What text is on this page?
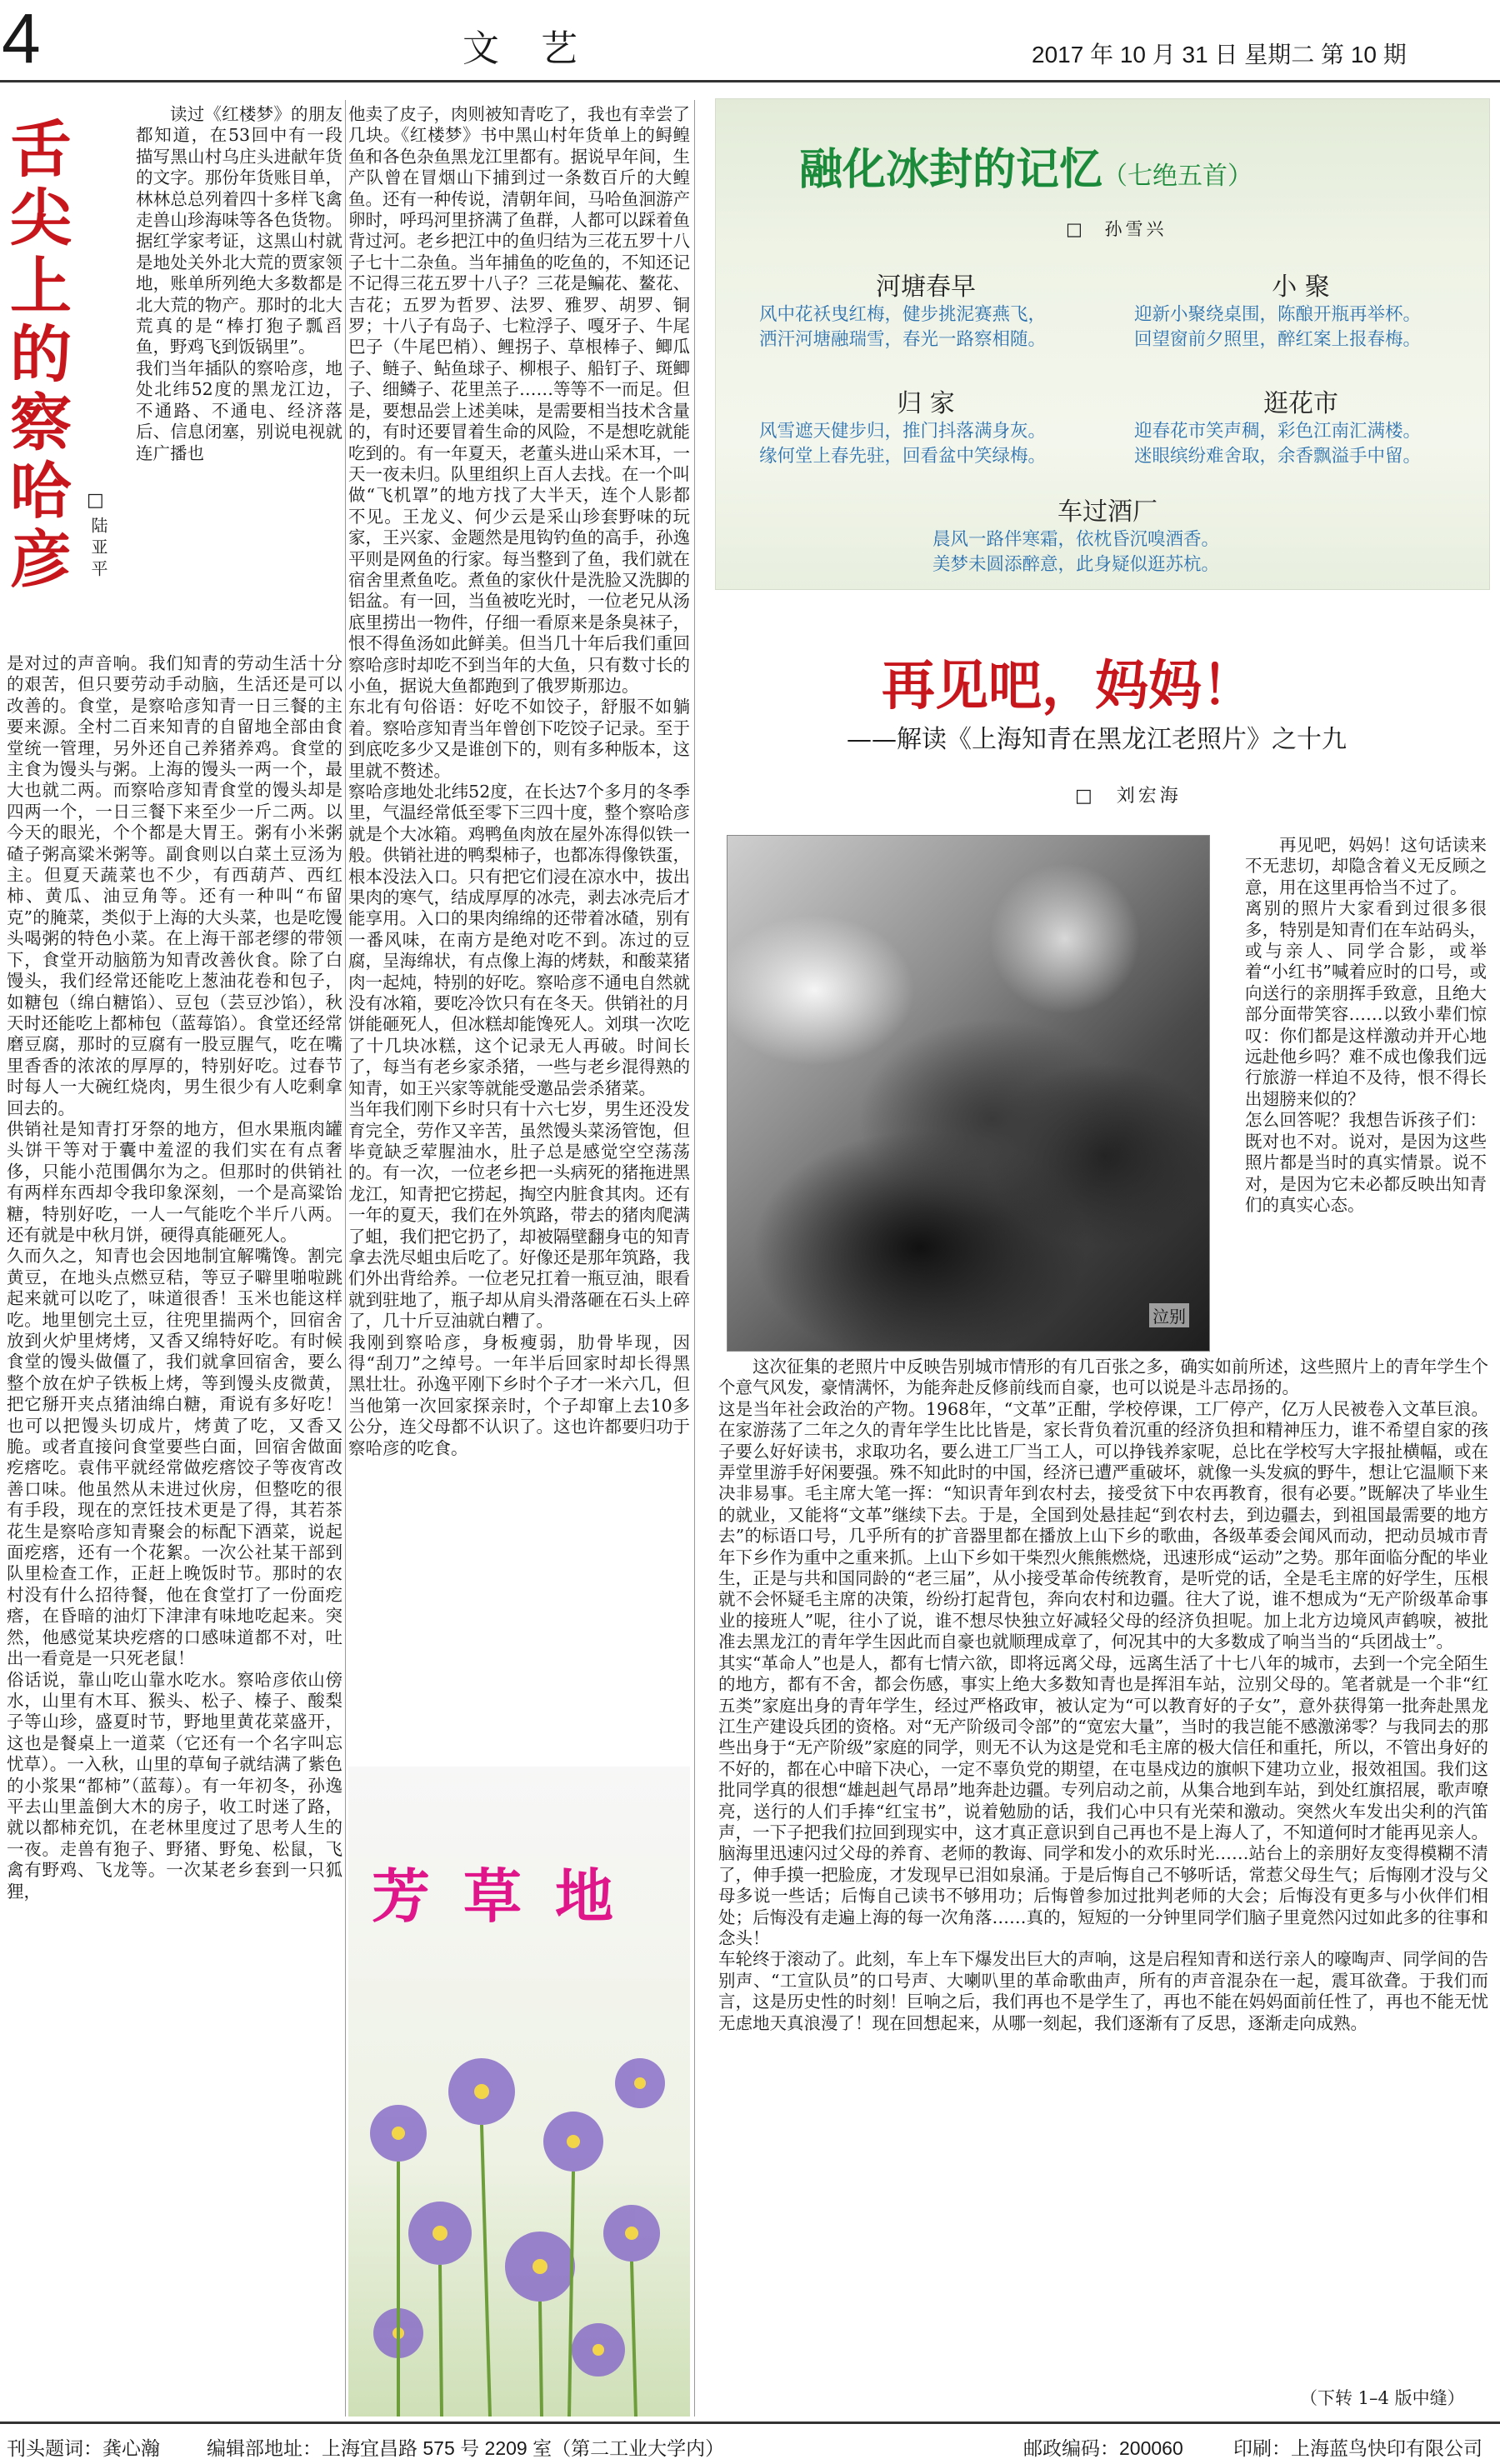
4	文 艺	2017 年 10 月 31 日 星期二 第 10 期
舌尖上的察哈彦 □
陆亚平

读过《红楼梦》的朋友都知道，在53回中有一段描写黑山村乌庄头进献年货的文字。那份年货账目单，林林总总列着四十多样飞禽走兽山珍海味等各色货物。据红学家考证，这黑山村就是地处关外北大荒的贾家领地，账单所列绝大多数都是北大荒的物产。那时的北大荒真的是“棒打狍子瓢舀鱼，野鸡飞到饭锅里”。
我们当年插队的察哈彦，地处北纬52度的黑龙江边，不通路、不通电、经济落后、信息闭塞，别说电视就连广播也

是对过的声音响。我们知青的劳动生活十分的艰苦，但只要劳动手动脑，生活还是可以改善的。食堂，是察哈彦知青一日三餐的主要来源。全村二百来知青的自留地全部由食堂统一管理，另外还自己养猪养鸡。食堂的主食为馒头与粥。上海的馒头一两一个，最大也就二两。而察哈彦知青食堂的馒头却是四两一个，一日三餐下来至少一斤二两。以今天的眼光，个个都是大胃王。粥有小米粥碴子粥高粱米粥等。副食则以白菜土豆汤为主。但夏天蔬菜也不少，有西葫芦、西红柿、黄瓜、油豆角等。还有一种叫“布留克”的腌菜，类似于上海的大头菜，也是吃馒头喝粥的特色小菜。在上海干部老缪的带领下，食堂开动脑筋为知青改善伙食。除了白馒头，我们经常还能吃上葱油花卷和包子，如糖包（绵白糖馅）、豆包（芸豆沙馅），秋天时还能吃上都柿包（蓝莓馅）。食堂还经常磨豆腐，那时的豆腐有一股豆腥气，吃在嘴里香香的浓浓的厚厚的，特别好吃。过春节时每人一大碗红烧肉，男生很少有人吃剩拿回去的。
供销社是知青打牙祭的地方，但水果瓶肉罐头饼干等对于囊中羞涩的我们实在有点奢侈，只能小范围偶尔为之。但那时的供销社有两样东西却令我印象深刻，一个是高粱饴糖，特别好吃，一人一气能吃个半斤八两。还有就是中秋月饼，硬得真能砸死人。
久而久之，知青也会因地制宜解嘴馋。割完黄豆，在地头点燃豆秸，等豆子噼里啪啦跳起来就可以吃了，味道很香！玉米也能这样吃。地里刨完土豆，往兜里揣两个，回宿舍放到火炉里烤烤，又香又绵特好吃。有时候食堂的馒头做僵了，我们就拿回宿舍，要么整个放在炉子铁板上烤，等到馒头皮微黄，把它掰开夹点猪油绵白糖，甭说有多好吃！也可以把馒头切成片，烤黄了吃，又香又脆。或者直接问食堂要些白面，回宿舍做面疙瘩吃。袁伟平就经常做疙瘩饺子等夜宵改善口味。他虽然从未进过伙房，但整吃的很有手段，现在的烹饪技术更是了得，其若茶花生是察哈彦知青聚会的标配下酒菜，说起面疙瘩，还有一个花絮。一次公社某干部到队里检查工作，正赶上晚饭时节。那时的农村没有什么招待餐，他在食堂打了一份面疙瘩，在昏暗的油灯下津津有味地吃起来。突然，他感觉某块疙瘩的口感味道都不对，吐出一看竟是一只死老鼠！
俗话说，靠山吃山靠水吃水。察哈彦依山傍水，山里有木耳、猴头、松子、榛子、酸梨子等山珍，盛夏时节，野地里黄花菜盛开，这也是餐桌上一道菜（它还有一个名字叫忘忧草）。一入秋，山里的草甸子就结满了紫色的小浆果“都柿”（蓝莓）。有一年初冬，孙逸平去山里盖倒大木的房子，收工时迷了路，就以都柿充饥，在老林里度过了思考人生的一夜。走兽有狍子、野猪、野兔、松鼠，飞禽有野鸡、飞龙等。一次某老乡套到一只狐狸，

他卖了皮子，肉则被知青吃了，我也有幸尝了几块。《红楼梦》书中黑山村年货单上的鲟鳇鱼和各色杂鱼黑龙江里都有。据说早年间，生产队曾在冒烟山下捕到过一条数百斤的大鳇鱼。还有一种传说，清朝年间，马哈鱼洄游产卵时，呼玛河里挤满了鱼群，人都可以踩着鱼背过河。老乡把江中的鱼归结为三花五罗十八子七十二杂鱼。当年捕鱼的吃鱼的，不知还记不记得三花五罗十八子？三花是鳊花、鳌花、吉花；五罗为哲罗、法罗、雅罗、胡罗、铜罗；十八子有岛子、七粒浮子、嘎牙子、牛尾巴子（牛尾巴梢）、鲤拐子、草根棒子、鲫瓜子、鲢子、鲇鱼球子、柳根子、船钉子、斑鲫子、细鳞子、花里羔子……等等不一而足。但是，要想品尝上述美味，是需要相当技术含量的，有时还要冒着生命的风险，不是想吃就能吃到的。有一年夏天，老董头进山采木耳，一天一夜未归。队里组织上百人去找。在一个叫做“飞机罩”的地方找了大半天，连个人影都不见。王龙义、何少云是采山珍套野味的玩家，王兴家、金题然是甩钩钓鱼的高手，孙逸平则是网鱼的行家。每当整到了鱼，我们就在宿舍里煮鱼吃。煮鱼的家伙什是洗脸又洗脚的铝盆。有一回，当鱼被吃光时，一位老兄从汤底里捞出一物件，仔细一看原来是条臭袜子，恨不得鱼汤如此鲜美。但当几十年后我们重回察哈彦时却吃不到当年的大鱼，只有数寸长的小鱼，据说大鱼都跑到了俄罗斯那边。
东北有句俗语：好吃不如饺子，舒服不如躺着。察哈彦知青当年曾创下吃饺子记录。至于到底吃多少又是谁创下的，则有多种版本，这里就不赘述。
察哈彦地处北纬52度，在长达7个多月的冬季里，气温经常低至零下三四十度，整个察哈彦就是个大冰箱。鸡鸭鱼肉放在屋外冻得似铁一般。供销社进的鸭梨柿子，也都冻得像铁蛋，根本没法入口。只有把它们浸在凉水中，拔出果肉的寒气，结成厚厚的冰壳，剥去冰壳后才能享用。入口的果肉绵绵的还带着冰碴，别有一番风味，在南方是绝对吃不到。冻过的豆腐，呈海绵状，有点像上海的烤麸，和酸菜猪肉一起炖，特别的好吃。察哈彦不通电自然就没有冰箱，要吃冷饮只有在冬天。供销社的月饼能砸死人，但冰糕却能馋死人。刘琪一次吃了十几块冰糕，这个记录无人再破。时间长了，每当有老乡家杀猪，一些与老乡混得熟的知青，如王兴家等就能受邀品尝杀猪菜。
当年我们刚下乡时只有十六七岁，男生还没发育完全，劳作又辛苦，虽然馒头菜汤管饱，但毕竟缺乏荤腥油水，肚子总是感觉空空荡荡的。有一次，一位老乡把一头病死的猪拖进黑龙江，知青把它捞起，掏空内脏食其肉。还有一年的夏天，我们在外筑路，带去的猪肉爬满了蛆，我们把它扔了，却被隔壁翻身屯的知青拿去洗尽蛆虫后吃了。好像还是那年筑路，我们外出背给养。一位老兄扛着一瓶豆油，眼看就到驻地了，瓶子却从肩头滑落砸在石头上碎了，几十斤豆油就白糟了。
我刚到察哈彦，身板瘦弱，肋骨毕现，因得“刮刀”之绰号。一年半后回家时却长得黑黑壮壮。孙逸平刚下乡时个子才一米六几，但当他第一次回家探亲时，个子却窜上去10多公分，连父母都不认识了。这也许都要归功于察哈彦的吃食。

芳草地
融化冰封的记忆（七绝五首）
□ 孙雪兴
河塘春早
风中花袄曳红梅，健步挑泥赛燕飞，
洒汗河塘融瑞雪，春光一路察相随。
小 聚
迎新小聚绕桌围，陈酿开瓶再举杯。
回望窗前夕照里，醉红案上报春梅。
归 家
风雪遮天健步归，推门抖落满身灰。
缘何堂上春先驻，回看盆中笑绿梅。
逛花市
迎春花市笑声稠，彩色江南汇满楼。
迷眼缤纷难舍取，余香飘溢手中留。
车过酒厂
晨风一路伴寒霜，依枕昏沉嗅酒香。
美梦未圆添醉意，此身疑似逛苏杭。
再见吧，妈妈！
——解读《上海知青在黑龙江老照片》之十九
□ 刘宏海
泣别

再见吧，妈妈！这句话读来不无悲切，却隐含着义无反顾之意，用在这里再恰当不过了。
离别的照片大家看到过很多很多，特别是知青们在车站码头，或与亲人、同学合影，或举着“小红书”喊着应时的口号，或向送行的亲朋挥手致意，且绝大部分面带笑容……以致小辈们惊叹：你们都是这样激动并开心地远赴他乡吗？难不成也像我们远行旅游一样迫不及待，恨不得长出翅膀来似的？
怎么回答呢？我想告诉孩子们：既对也不对。说对，是因为这些照片都是当时的真实情景。说不对，是因为它未必都反映出知青们的真实心态。

这次征集的老照片中反映告别城市情形的有几百张之多，确实如前所述，这些照片上的青年学生个个意气风发，豪情满怀，为能奔赴反修前线而自豪，也可以说是斗志昂扬的。
这是当年社会政治的产物。1968年，“文革”正酣，学校停课，工厂停产，亿万人民被卷入文革巨浪。在家游荡了二年之久的青年学生比比皆是，家长背负着沉重的经济负担和精神压力，谁不希望自家的孩子要么好好读书，求取功名，要么进工厂当工人，可以挣钱养家呢，总比在学校写大字报扯横幅，或在弄堂里游手好闲要强。殊不知此时的中国，经济已遭严重破坏，就像一头发疯的野牛，想让它温顺下来决非易事。毛主席大笔一挥：“知识青年到农村去，接受贫下中农再教育，很有必要。”既解决了毕业生的就业，又能将“文革”继续下去。于是，全国到处悬挂起“到农村去，到边疆去，到祖国最需要的地方去”的标语口号，几乎所有的扩音器里都在播放上山下乡的歌曲，各级革委会闻风而动，把动员城市青年下乡作为重中之重来抓。上山下乡如干柴烈火熊熊燃烧，迅速形成“运动”之势。那年面临分配的毕业生，正是与共和国同龄的“老三届”，从小接受革命传统教育，是听党的话，全是毛主席的好学生，压根就不会怀疑毛主席的决策，纷纷打起背包，奔向农村和边疆。往大了说，谁不想成为“无产阶级革命事业的接班人”呢，往小了说，谁不想尽快独立好减轻父母的经济负担呢。加上北方边境风声鹤唳，被批准去黑龙江的青年学生因此而自豪也就顺理成章了，何况其中的大多数成了响当当的“兵团战士”。
其实“革命人”也是人，都有七情六欲，即将远离父母，远离生活了十七八年的城市，去到一个完全陌生的地方，都有不舍，都会伤感，事实上绝大多数知青也是挥泪车站，泣别父母的。笔者就是一个非“红五类”家庭出身的青年学生，经过严格政审，被认定为“可以教育好的子女”，意外获得第一批奔赴黑龙江生产建设兵团的资格。对“无产阶级司令部”的“宽宏大量”，当时的我岂能不感激涕零？与我同去的那些出身于“无产阶级”家庭的同学，则无不认为这是党和毛主席的极大信任和重托，所以，不管出身好的不好的，都在心中暗下决心，一定不辜负党的期望，在屯垦戍边的旗帜下建功立业，报效祖国。我们这批同学真的很想“雄赳赳气昂昂”地奔赴边疆。专列启动之前，从集合地到车站，到处红旗招展，歌声嘹亮，送行的人们手捧“红宝书”，说着勉励的话，我们心中只有光荣和激动。突然火车发出尖利的汽笛声，一下子把我们拉回到现实中，这才真正意识到自己再也不是上海人了，不知道何时才能再见亲人。脑海里迅速闪过父母的养育、老师的教诲、同学和发小的欢乐时光……站台上的亲朋好友变得模糊不清了，伸手摸一把脸庞，才发现早已泪如泉涌。于是后悔自己不够听话，常惹父母生气；后悔刚才没与父母多说一些话；后悔自己读书不够用功；后悔曾参加过批判老师的大会；后悔没有更多与小伙伴们相处；后悔没有走遍上海的每一次角落……真的，短短的一分钟里同学们脑子里竟然闪过如此多的往事和念头！
车轮终于滚动了。此刻，车上车下爆发出巨大的声响，这是启程知青和送行亲人的嚎啕声、同学间的告别声、“工宣队员”的口号声、大喇叭里的革命歌曲声，所有的声音混杂在一起，震耳欲聋。于我们而言，这是历史性的时刻！巨响之后，我们再也不是学生了，再也不能在妈妈面前任性了，再也不能无忧无虑地天真浪漫了！现在回想起来，从哪一刻起，我们逐渐有了反思，逐渐走向成熟。

（下转 1–4 版中缝）
刊头题词：龚心瀚 编辑部地址：上海宜昌路 575 号 2209 室（第二工业大学内）	邮政编码：200060	印刷：上海蓝鸟快印有限公司
